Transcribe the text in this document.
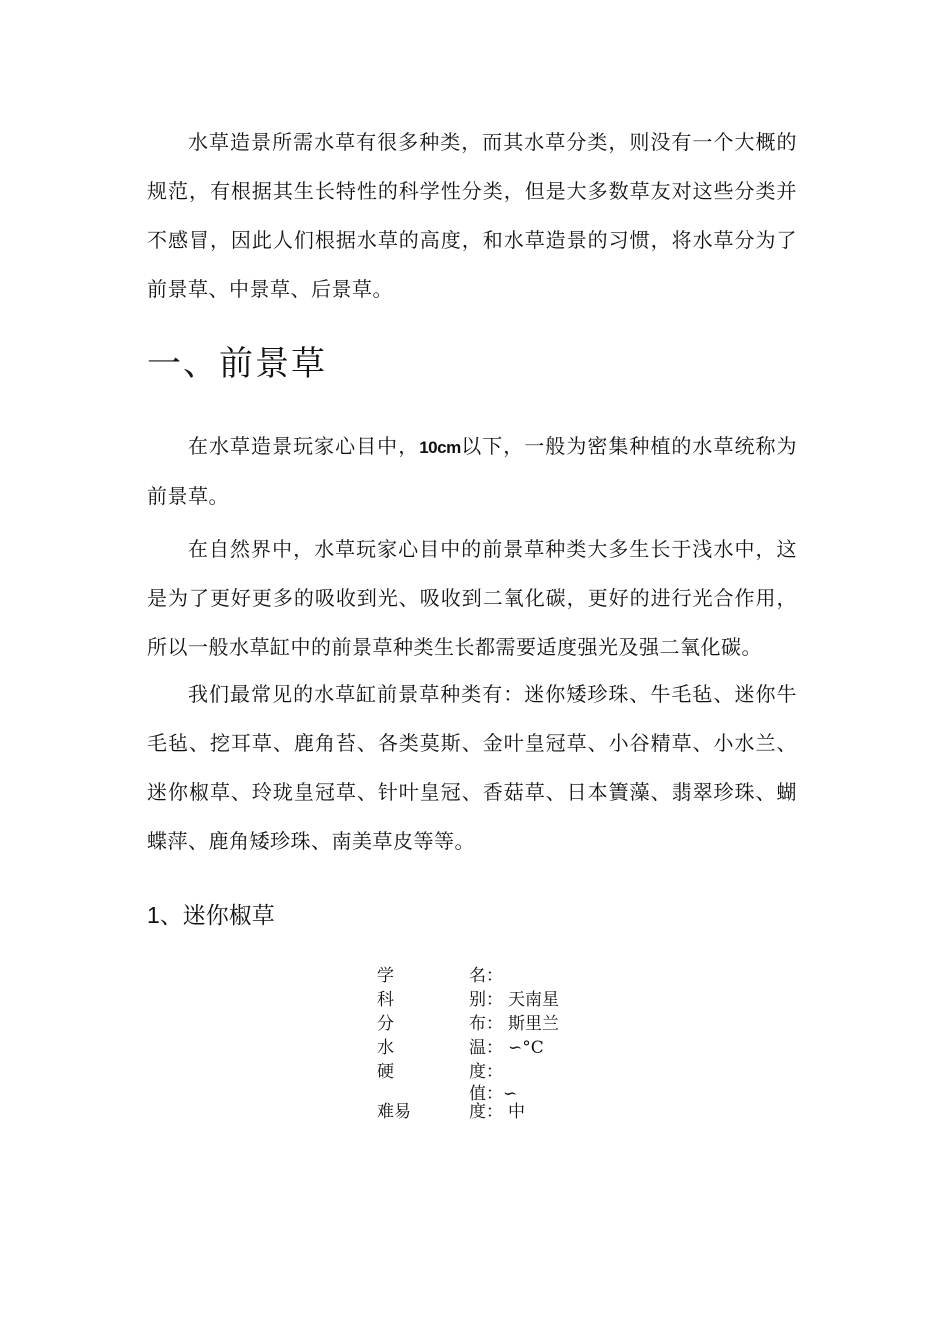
水草造景所需水草有很多种类，而其水草分类，则没有一个大概的规范，有根据其生长特性的科学性分类，但是大多数草友对这些分类并不感冒，因此人们根据水草的高度，和水草造景的习惯，将水草分为了前景草、中景草、后景草。

一、前景草

在水草造景玩家心目中，10cm以下，一般为密集种植的水草统称为前景草。

在自然界中，水草玩家心目中的前景草种类大多生长于浅水中，这是为了更好更多的吸收到光、吸收到二氧化碳，更好的进行光合作用，所以一般水草缸中的前景草种类生长都需要适度强光及强二氧化碳。

我们最常见的水草缸前景草种类有：迷你矮珍珠、牛毛毡、迷你牛毛毡、挖耳草、鹿角苔、各类莫斯、金叶皇冠草、小谷精草、小水兰、迷你椒草、玲珑皇冠草、针叶皇冠、香菇草、日本簀藻、翡翠珍珠、蝴蝶萍、鹿角矮珍珠、南美草皮等等。

1、迷你椒草
学	名：
科	别： 天南星
分	布： 斯里兰
水	温： ∽°C
硬	度：
值：∽
难易	度： 中
